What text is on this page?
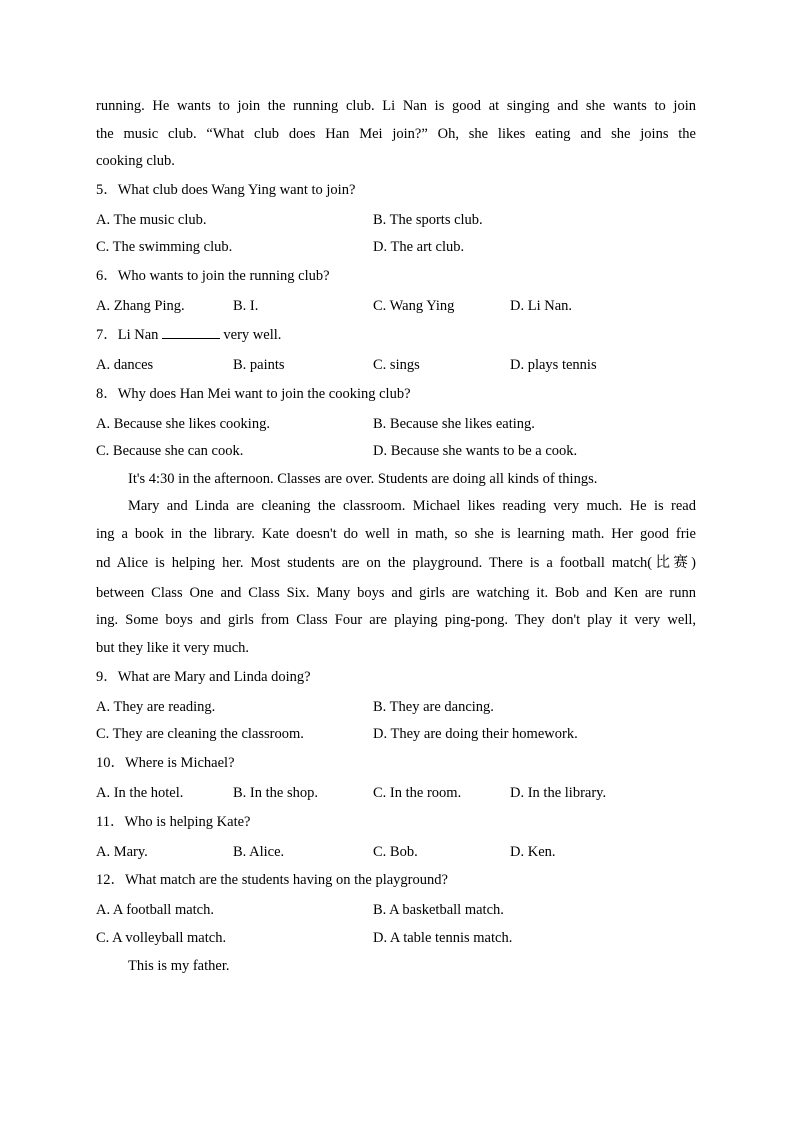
running. He wants to join the running club. Li Nan is good at singing and she wants to join
the music club. “What club does Han Mei join?” Oh, she likes eating and she joins the
cooking club.
5．What club does Wang Ying want to join?
A. The music club.	B. The sports club.
C. The swimming club.	D. The art club.
6．Who wants to join the running club?
A. Zhang Ping.	B. I.	C. Wang Ying	D. Li Nan.
7．Li Nan	very well.
A. dances	B. paints	C. sings	D. plays tennis
8．Why does Han Mei want to join the cooking club?
A. Because she likes cooking.	B. Because she likes eating.
C. Because she can cook.	D. Because she wants to be a cook.
It's 4:30 in the afternoon. Classes are over. Students are doing all kinds of things.
Mary and Linda are cleaning the classroom. Michael likes reading very much. He is read
ing a book in the library. Kate doesn't do well in math, so she is learning math. Her good frie
nd Alice is helping her. Most students are on the playground. There is a football match(比赛)
between Class One and Class Six. Many boys and girls are watching it. Bob and Ken are runn
ing. Some boys and girls from Class Four are playing ping-pong. They don't play it very well,
but they like it very much.
9．What are Mary and Linda doing?
A. They are reading.	B. They are dancing.
C. They are cleaning the classroom.	D. They are doing their homework.
10．Where is Michael?
A. In the hotel.	B. In the shop.	C. In the room.	D. In the library.
11．Who is helping Kate?
A. Mary.	B. Alice.	C. Bob.	D. Ken.
12．What match are the students having on the playground?
A. A football match.	B. A basketball match.
C. A volleyball match.	D. A table tennis match.
This is my father.
